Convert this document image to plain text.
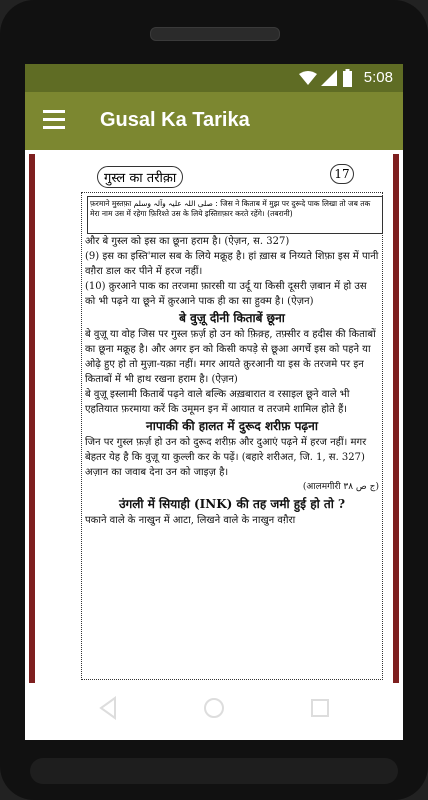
5:08
Gusal Ka Tarika
गुस्ल का तरीक़ा	17
फ़रमाने मुस्तफ़ा صلی اللہ علیہ وآلہ وسلم : जिस ने किताब में मुझ पर दुरूदे पाक लिखा तो जब तक मेरा नाम उस में रहेगा फ़िरिश्ते उस के लिये इस्तिग़फ़ार करते रहेंगे। (तबरानी)

और बे गुस्ल को इस का छूना हराम है। (ऐज़न, स. 327)

(9) इस का इस्ति'माल सब के लिये मक्रूह है। हां ख़ास ब निय्यते शिफ़ा इस में पानी वग़ैरा डाल कर पीने में हरज नहीं।

(10) क़ुरआने पाक का तरजमा फ़ारसी या उर्दू या किसी दूसरी ज़बान में हो उस को भी पढ़ने या छूने में क़ुरआने पाक ही का सा हुक्म है। (ऐज़न)

बे वुज़ू दीनी किताबें छूना

बे वुज़ू या वोह जिस पर गुस्ल फ़र्ज़ हो उन को फ़िक़्ह, तफ़्सीर व हदीस की किताबों का छूना मक्रूह है। और अगर इन को किसी कपड़े से छूआ अगर्चे इस को पहने या ओढ़े हुए हो तो मुज़ा-यक़ा नहीं। मगर आयते क़ुरआनी या इस के तरजमे पर इन किताबों में भी हाथ रखना हराम है। (ऐज़न)

बे वुज़ू इस्लामी किताबें पढ़ने वाले बल्कि अख़बारात व रसाइल छूने वाले भी एहतियात फ़रमाया करें कि उमूमन इन में आयात व तरजमे शामिल होते हैं।

नापाकी की हालत में दुरूद शरीफ़ पढ़ना

जिन पर गुस्ल फ़र्ज़ हो उन को दुरूद शरीफ़ और दुआएं पढ़ने में हरज नहीं। मगर बेहतर येह है कि वुज़ू या कुल्ली कर के पढ़ें। (बहारे शरीअत, जि. 1, स. 327) अज़ान का जवाब देना उन को जाइज़ है।

(आलमगीरी ج ص ۳۸)

उंगली में सियाही (INK) की तह जमी हुई हो तो ?

पकाने वाले के नाखुन में आटा, लिखने वाले के नाखुन वग़ैरा
